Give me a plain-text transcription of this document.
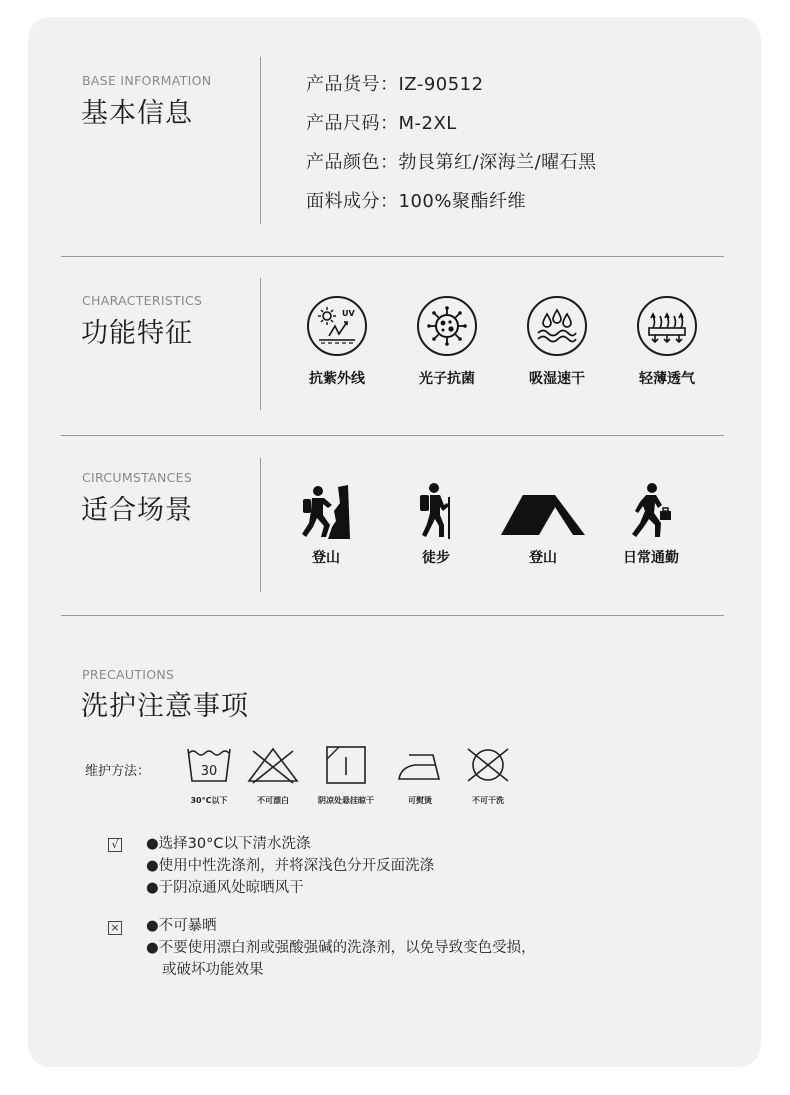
BASE INFORMATION
基本信息
产品货号：IZ-90512
产品尺码：M-2XL
产品颜色：勃艮第红/深海兰/曜石黑
面料成分：100%聚酯纤维
CHARACTERISTICS
功能特征
UV
抗紫外线	光子抗菌	吸湿速干	轻薄透气
CIRCUMSTANCES
适合场景
登山	徒步	登山	日常通勤
PRECAUTIONS
洗护注意事项
维护方法：	30
30°C以下	不可漂白	阴凉处悬挂晾干	可熨烫	不可干洗
√ ●选择30°C以下清水洗涤
●使用中性洗涤剂，并将深浅色分开反面洗涤
●于阴凉通风处晾晒风干
× ●不可暴晒
●不要使用漂白剂或强酸强碱的洗涤剂，以免导致变色受损，
或破坏功能效果
